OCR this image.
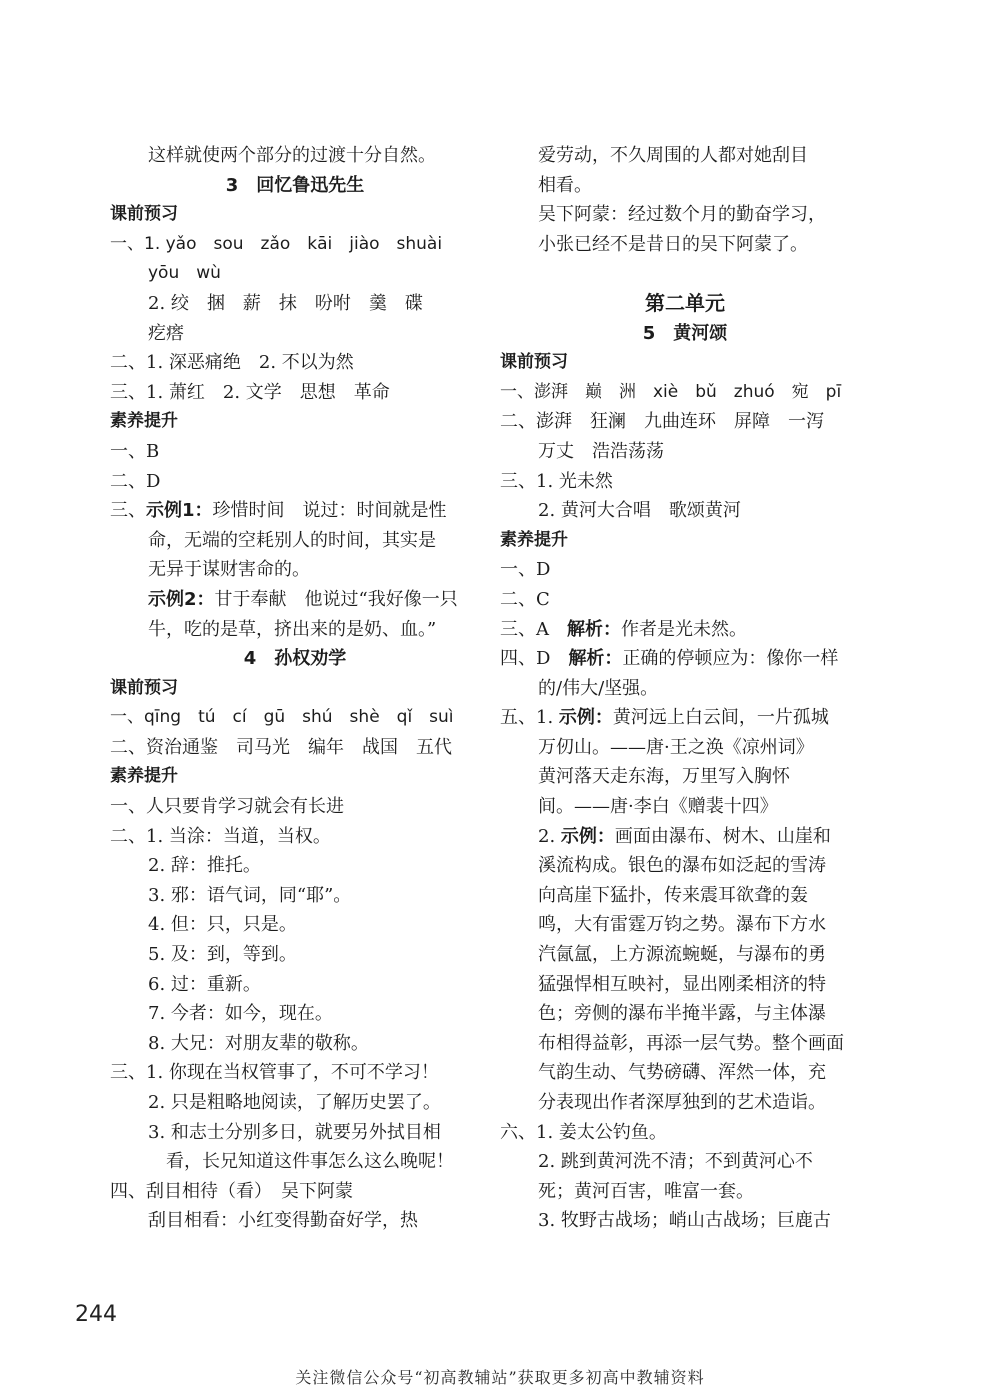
这样就使两个部分的过渡十分自然。
3　回忆鲁迅先生
课前预习
一、1. yǎo　sou　zǎo　kāi　jiào　shuài
yōu　wù
2. 绞　捆　薪　抹　吩咐　羹　碟
疙瘩
二、1. 深恶痛绝　2. 不以为然
三、1. 萧红　2. 文学　思想　革命
素养提升
一、B
二、D
三、示例1：珍惜时间　说过：时间就是性
命，无端的空耗别人的时间，其实是
无异于谋财害命的。
示例2：甘于奉献　他说过“我好像一只
牛，吃的是草，挤出来的是奶、血。”
4　孙权劝学
课前预习
一、qīng　tú　cí　gū　shú　shè　qǐ　suì
二、资治通鉴　司马光　编年　战国　五代
素养提升
一、人只要肯学习就会有长进
二、1. 当涂：当道，当权。
2. 辞：推托。
3. 邪：语气词，同“耶”。
4. 但：只，只是。
5. 及：到，等到。
6. 过：重新。
7. 今者：如今，现在。
8. 大兄：对朋友辈的敬称。
三、1. 你现在当权管事了，不可不学习！
2. 只是粗略地阅读，了解历史罢了。
3. 和志士分别多日，就要另外拭目相
　看，长兄知道这件事怎么这么晚呢！
四、刮目相待（看）　吴下阿蒙
刮目相看：小红变得勤奋好学，热
爱劳动，不久周围的人都对她刮目
相看。
吴下阿蒙：经过数个月的勤奋学习，
小张已经不是昔日的吴下阿蒙了。
第二单元
5　黄河颂
课前预习
一、澎湃　巅　洲　xiè　bǔ　zhuó　宛　pī
二、澎湃　狂澜　九曲连环　屏障　一泻
万丈　浩浩荡荡
三、1. 光未然
2. 黄河大合唱　歌颂黄河
素养提升
一、D
二、C
三、A　解析：作者是光未然。
四、D　解析：正确的停顿应为：像你一样
的/伟大/坚强。
五、1. 示例：黄河远上白云间，一片孤城
万仞山。——唐·王之涣《凉州词》
黄河落天走东海，万里写入胸怀
间。——唐·李白《赠裴十四》
2. 示例：画面由瀑布、树木、山崖和
溪流构成。银色的瀑布如泛起的雪涛
向高崖下猛扑，传来震耳欲聋的轰
鸣，大有雷霆万钧之势。瀑布下方水
汽氤氲，上方源流蜿蜒，与瀑布的勇
猛强悍相互映衬，显出刚柔相济的特
色；旁侧的瀑布半掩半露，与主体瀑
布相得益彰，再添一层气势。整个画面
气韵生动、气势磅礴、浑然一体，充
分表现出作者深厚独到的艺术造诣。
六、1. 姜太公钓鱼。
2. 跳到黄河洗不清；不到黄河心不
死；黄河百害，唯富一套。
3. 牧野古战场；峭山古战场；巨鹿古
244
关注微信公众号“初高教辅站”获取更多初高中教辅资料
